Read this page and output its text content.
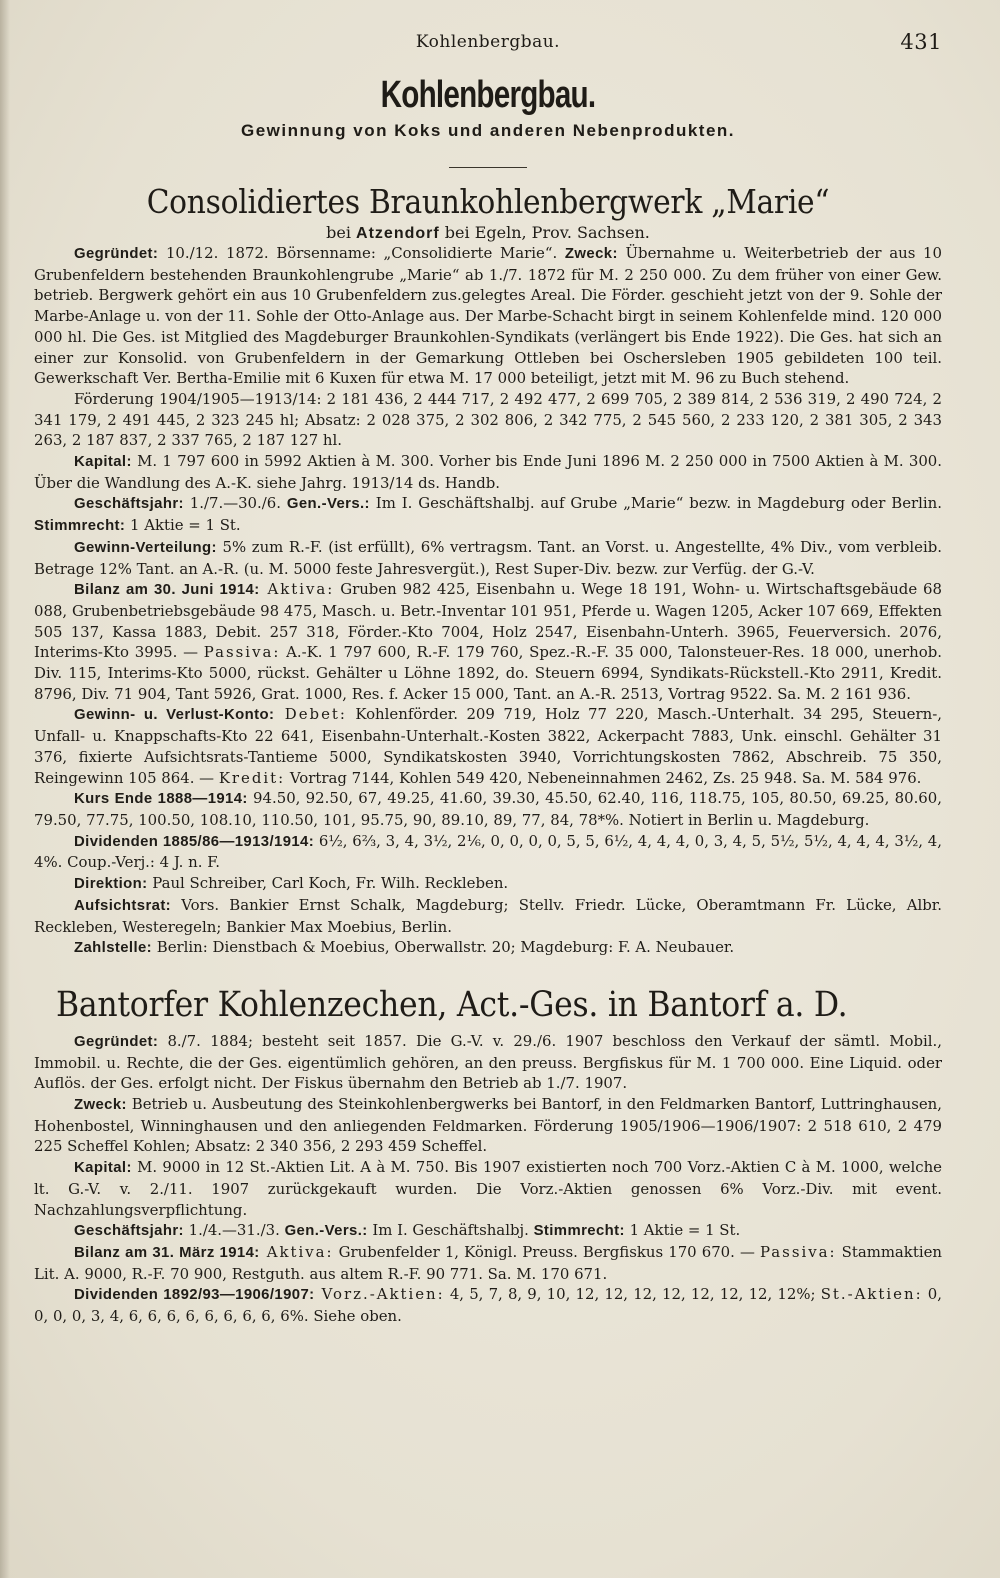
Kohlenbergbau.	431
Kohlenbergbau.
Gewinnung von Koks und anderen Nebenprodukten.
Consolidiertes Braunkohlenbergwerk „Marie“
bei Atzendorf bei Egeln, Prov. Sachsen.

Gegründet: 10./12. 1872. Börsenname: „Consolidierte Marie“. Zweck: Übernahme u. Weiterbetrieb der aus 10 Grubenfeldern bestehenden Braunkohlengrube „Marie“ ab 1./7. 1872 für M. 2 250 000. Zu dem früher von einer Gew. betrieb. Bergwerk gehört ein aus 10 Grubenfeldern zus.gelegtes Areal. Die Förder. geschieht jetzt von der 9. Sohle der Marbe-Anlage u. von der 11. Sohle der Otto-Anlage aus. Der Marbe-Schacht birgt in seinem Kohlenfelde mind. 120 000 000 hl. Die Ges. ist Mitglied des Magdeburger Braunkohlen-Syndikats (verlängert bis Ende 1922). Die Ges. hat sich an einer zur Konsolid. von Grubenfeldern in der Gemarkung Ottleben bei Oschersleben 1905 gebildeten 100 teil. Gewerkschaft Ver. Bertha-Emilie mit 6 Kuxen für etwa M. 17 000 beteiligt, jetzt mit M. 96 zu Buch stehend.

Förderung 1904/1905—1913/14: 2 181 436, 2 444 717, 2 492 477, 2 699 705, 2 389 814, 2 536 319, 2 490 724, 2 341 179, 2 491 445, 2 323 245 hl; Absatz: 2 028 375, 2 302 806, 2 342 775, 2 545 560, 2 233 120, 2 381 305, 2 343 263, 2 187 837, 2 337 765, 2 187 127 hl.

Kapital: M. 1 797 600 in 5992 Aktien à M. 300. Vorher bis Ende Juni 1896 M. 2 250 000 in 7500 Aktien à M. 300. Über die Wandlung des A.-K. siehe Jahrg. 1913/14 ds. Handb.

Geschäftsjahr: 1./7.—30./6. Gen.-Vers.: Im I. Geschäftshalbj. auf Grube „Marie“ bezw. in Magdeburg oder Berlin. Stimmrecht: 1 Aktie = 1 St.

Gewinn-Verteilung: 5% zum R.-F. (ist erfüllt), 6% vertragsm. Tant. an Vorst. u. Angestellte, 4% Div., vom verbleib. Betrage 12% Tant. an A.-R. (u. M. 5000 feste Jahresvergüt.), Rest Super-Div. bezw. zur Verfüg. der G.-V.

Bilanz am 30. Juni 1914: Aktiva: Gruben 982 425, Eisenbahn u. Wege 18 191, Wohn- u. Wirtschaftsgebäude 68 088, Grubenbetriebsgebäude 98 475, Masch. u. Betr.-Inventar 101 951, Pferde u. Wagen 1205, Acker 107 669, Effekten 505 137, Kassa 1883, Debit. 257 318, Förder.-Kto 7004, Holz 2547, Eisenbahn-Unterh. 3965, Feuerversich. 2076, Interims-Kto 3995. — Passiva: A.-K. 1 797 600, R.-F. 179 760, Spez.-R.-F. 35 000, Talonsteuer-Res. 18 000, unerhob. Div. 115, Interims-Kto 5000, rückst. Gehälter u Löhne 1892, do. Steuern 6994, Syndikats-Rückstell.-Kto 2911, Kredit. 8796, Div. 71 904, Tant 5926, Grat. 1000, Res. f. Acker 15 000, Tant. an A.-R. 2513, Vortrag 9522. Sa. M. 2 161 936.

Gewinn- u. Verlust-Konto: Debet: Kohlenförder. 209 719, Holz 77 220, Masch.-Unterhalt. 34 295, Steuern-, Unfall- u. Knappschafts-Kto 22 641, Eisenbahn-Unterhalt.-Kosten 3822, Ackerpacht 7883, Unk. einschl. Gehälter 31 376, fixierte Aufsichtsrats-Tantieme 5000, Syndikatskosten 3940, Vorrichtungskosten 7862, Abschreib. 75 350, Reingewinn 105 864. — Kredit: Vortrag 7144, Kohlen 549 420, Nebeneinnahmen 2462, Zs. 25 948. Sa. M. 584 976.

Kurs Ende 1888—1914: 94.50, 92.50, 67, 49.25, 41.60, 39.30, 45.50, 62.40, 116, 118.75, 105, 80.50, 69.25, 80.60, 79.50, 77.75, 100.50, 108.10, 110.50, 101, 95.75, 90, 89.10, 89, 77, 84, 78*%. Notiert in Berlin u. Magdeburg.

Dividenden 1885/86—1913/1914: 6½, 6⅔, 3, 4, 3½, 2⅙, 0, 0, 0, 0, 5, 5, 6½, 4, 4, 4, 0, 3, 4, 5, 5½, 5½, 4, 4, 4, 3½, 4, 4%. Coup.-Verj.: 4 J. n. F.

Direktion: Paul Schreiber, Carl Koch, Fr. Wilh. Reckleben.

Aufsichtsrat: Vors. Bankier Ernst Schalk, Magdeburg; Stellv. Friedr. Lücke, Oberamtmann Fr. Lücke, Albr. Reckleben, Westeregeln; Bankier Max Moebius, Berlin.

Zahlstelle: Berlin: Dienstbach & Moebius, Oberwallstr. 20; Magdeburg: F. A. Neubauer.

Bantorfer Kohlenzechen, Act.-Ges. in Bantorf a. D.

Gegründet: 8./7. 1884; besteht seit 1857. Die G.-V. v. 29./6. 1907 beschloss den Verkauf der sämtl. Mobil., Immobil. u. Rechte, die der Ges. eigentümlich gehören, an den preuss. Bergfiskus für M. 1 700 000. Eine Liquid. oder Auflös. der Ges. erfolgt nicht. Der Fiskus übernahm den Betrieb ab 1./7. 1907.

Zweck: Betrieb u. Ausbeutung des Steinkohlenbergwerks bei Bantorf, in den Feldmarken Bantorf, Luttringhausen, Hohenbostel, Winninghausen und den anliegenden Feldmarken. Förderung 1905/1906—1906/1907: 2 518 610, 2 479 225 Scheffel Kohlen; Absatz: 2 340 356, 2 293 459 Scheffel.

Kapital: M. 9000 in 12 St.-Aktien Lit. A à M. 750. Bis 1907 existierten noch 700 Vorz.-Aktien C à M. 1000, welche lt. G.-V. v. 2./11. 1907 zurückgekauft wurden. Die Vorz.-Aktien genossen 6% Vorz.-Div. mit event. Nachzahlungsverpflichtung.

Geschäftsjahr: 1./4.—31./3. Gen.-Vers.: Im I. Geschäftshalbj. Stimmrecht: 1 Aktie = 1 St.

Bilanz am 31. März 1914: Aktiva: Grubenfelder 1, Königl. Preuss. Bergfiskus 170 670. — Passiva: Stammaktien Lit. A. 9000, R.-F. 70 900, Restguth. aus altem R.-F. 90 771. Sa. M. 170 671.

Dividenden 1892/93—1906/1907: Vorz.-Aktien: 4, 5, 7, 8, 9, 10, 12, 12, 12, 12, 12, 12, 12, 12%; St.-Aktien: 0, 0, 0, 0, 3, 4, 6, 6, 6, 6, 6, 6, 6, 6, 6%. Siehe oben.
